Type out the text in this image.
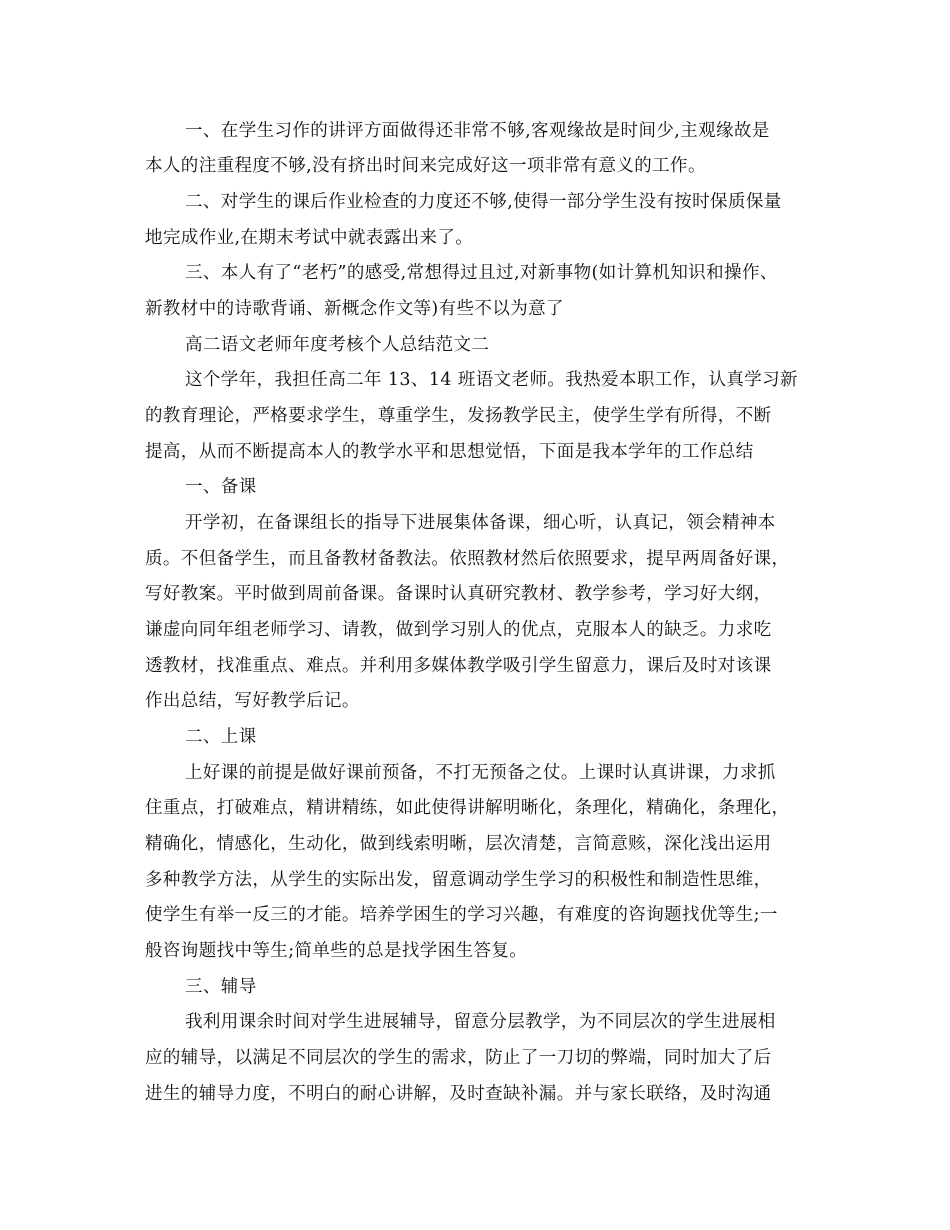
一、在学生习作的讲评方面做得还非常不够,客观缘故是时间少,主观缘故是
本人的注重程度不够,没有挤出时间来完成好这一项非常有意义的工作。
二、对学生的课后作业检查的力度还不够,使得一部分学生没有按时保质保量
地完成作业,在期末考试中就表露出来了。
三、本人有了“老朽”的感受,常想得过且过,对新事物(如计算机知识和操作、
新教材中的诗歌背诵、新概念作文等)有些不以为意了
高二语文老师年度考核个人总结范文二
这个学年，我担任高二年 13、14 班语文老师。我热爱本职工作，认真学习新
的教育理论，严格要求学生，尊重学生，发扬教学民主，使学生学有所得，不断
提高，从而不断提高本人的教学水平和思想觉悟，下面是我本学年的工作总结
一、备课
开学初，在备课组长的指导下进展集体备课，细心听，认真记，领会精神本
质。不但备学生，而且备教材备教法。依照教材然后依照要求，提早两周备好课，
写好教案。平时做到周前备课。备课时认真研究教材、教学参考，学习好大纲，
谦虚向同年组老师学习、请教，做到学习别人的优点，克服本人的缺乏。力求吃
透教材，找准重点、难点。并利用多媒体教学吸引学生留意力，课后及时对该课
作出总结，写好教学后记。
二、上课
上好课的前提是做好课前预备，不打无预备之仗。上课时认真讲课，力求抓
住重点，打破难点，精讲精练，如此使得讲解明晰化，条理化，精确化，条理化，
精确化，情感化，生动化，做到线索明晰，层次清楚，言简意赅，深化浅出运用
多种教学方法，从学生的实际出发，留意调动学生学习的积极性和制造性思维，
使学生有举一反三的才能。培养学困生的学习兴趣，有难度的咨询题找优等生;一
般咨询题找中等生;简单些的总是找学困生答复。
三、辅导
我利用课余时间对学生进展辅导，留意分层教学，为不同层次的学生进展相
应的辅导，以满足不同层次的学生的需求，防止了一刀切的弊端，同时加大了后
进生的辅导力度，不明白的耐心讲解，及时查缺补漏。并与家长联络，及时沟通
